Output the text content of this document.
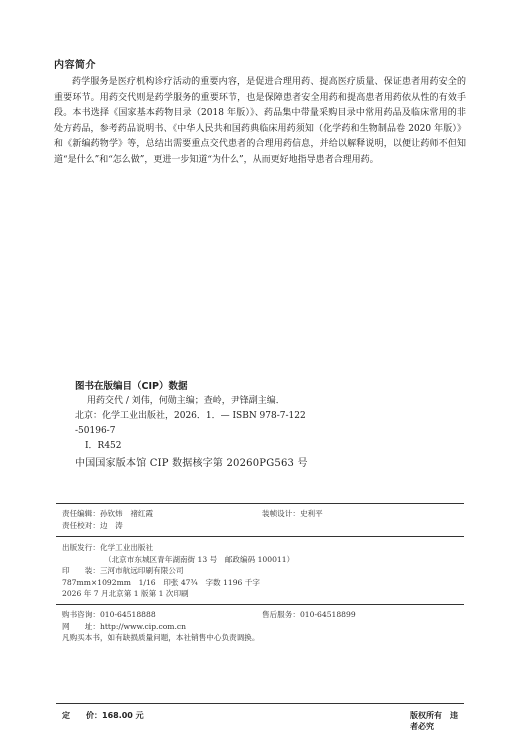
内容简介

药学服务是医疗机构诊疗活动的重要内容，是促进合理用药、提高医疗质量、保证患者用药安全的重要环节。用药交代则是药学服务的重要环节，也是保障患者安全用药和提高患者用药依从性的有效手段。本书选择《国家基本药物目录（2018 年版）》、药品集中带量采购目录中常用药品及临床常用的非处方药品，参考药品说明书、《中华人民共和国药典临床用药须知（化学药和生物制品卷 2020 年版）》和《新编药物学》等，总结出需要重点交代患者的合理用药信息，并给以解释说明，以便让药师不但知道“是什么”和“怎么做”，更进一步知道“为什么”，从而更好地指导患者合理用药。

图书在版编目（CIP）数据
用药交代 / 刘伟，何勋主编；查岭，尹锋副主编．
北京：化学工业出版社，2026．1．— ISBN 978-7-122
-50196-7
Ⅰ．R452
中国国家版本馆 CIP 数据核字第 20260PG563 号
责任编辑：孙钦炜　褚红霞	装帧设计：史利平
责任校对：边　涛
出版发行：化学工业出版社
（北京市东城区青年湖南街 13 号　邮政编码 100011）
印　　装：三河市航远印刷有限公司
787mm×1092mm　1/16　印张 47¾　字数 1196 千字
2026 年 7 月北京第 1 版第 1 次印刷
购书咨询：010-64518888	售后服务：010-64518899
网　　址：http://www.cip.com.cn
凡购买本书，如有缺损质量问题，本社销售中心负责调换。
定　　价：168.00 元	版权所有　违者必究
